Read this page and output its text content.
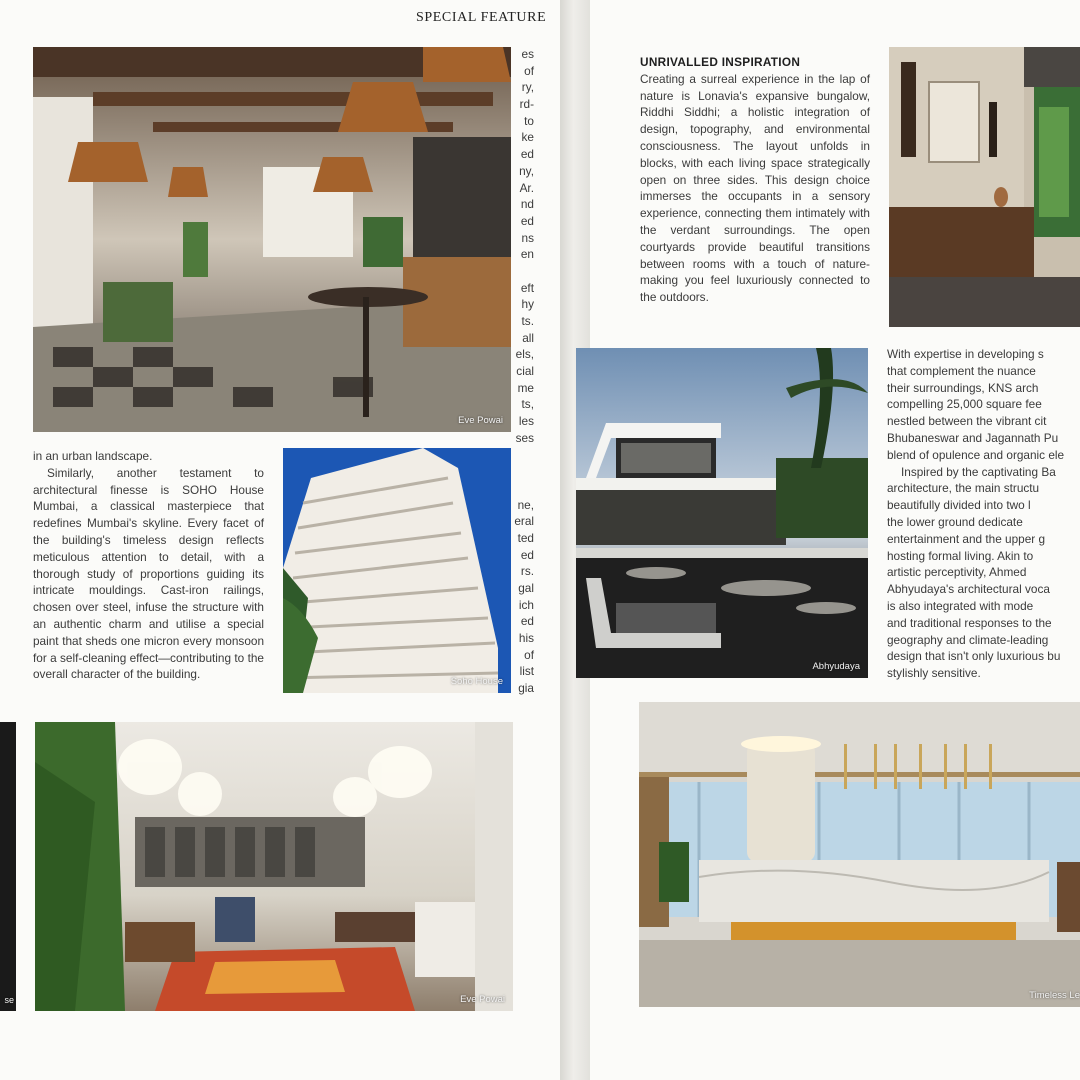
SPECIAL FEATURE
es
of
ry,
rd-
to
ke
ed
ny,
Ar.
nd
ed
ns
en
eft
hy
ts.
all
els,
cial
me
ts,
les
ses
ne,
eral
ted
ed
rs.
gal
ich
ed
his
of
list
gia
Eve Powai

in an urban landscape.

Similarly, another testament to architectural finesse is SOHO House Mumbai, a classical masterpiece that redefines Mumbai's skyline. Every facet of the building's timeless design reflects meticulous attention to detail, with a thorough study of proportions guiding its intricate mouldings. Cast-iron railings, chosen over steel, infuse the structure with an authentic charm and utilise a special paint that sheds one micron every monsoon for a self-cleaning effect—contributing to the overall character of the building.

Soho House
se	Eve Powai
UNRIVALLED INSPIRATION

Creating a surreal experience in the lap of nature is Lonavia's expansive bungalow, Riddhi Siddhi; a holistic integration of design, topography, and environmental consciousness. The layout unfolds in blocks, with each living space strategically open on three sides. This design choice immerses the occupants in a sensory experience, connecting them intimately with the verdant surroundings. The open courtyards provide beautiful transitions between rooms with a touch of nature-making you feel luxuriously connected to the outdoors.

Abhyudaya
With expertise in developing s
that complement the nuance
their surroundings, KNS arch
compelling 25,000 square fee
nestled between the vibrant cit
Bhubaneswar and Jagannath Pu
blend of opulence and organic ele
Inspired by the captivating Ba
architecture, the main structu
beautifully divided into two l
the lower ground dedicate
entertainment and the upper g
hosting formal living. Akin to
artistic perceptivity, Ahmed
Abhyudaya's architectural voca
is also integrated with mode
and traditional responses to the
geography and climate-leading
design that isn't only luxurious bu
stylishly sensitive.
Timeless Le
